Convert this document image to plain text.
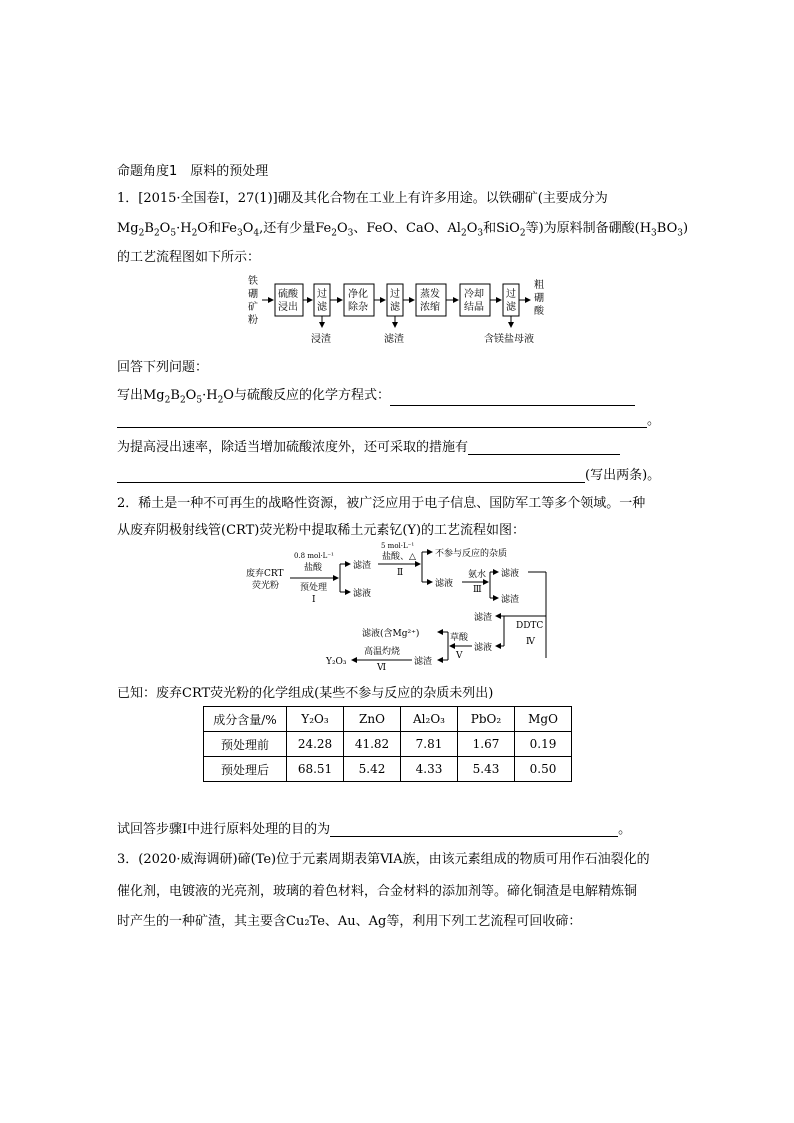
命题角度1　原料的预处理
1．[2015·全国卷Ⅰ，27(1)]硼及其化合物在工业上有许多用途。以铁硼矿(主要成分为
$Mg_2B_2O_5\cdot H_2O$和$Fe_3O_4$,还有少量$Fe_2O_3$、FeO、CaO、$Al_2O_3$和SiO$_2$等)为原料制备硼酸$(H_3BO_3)$
的工艺流程图如下所示：
铁
硼
矿
粉
硫酸
浸出
过
滤
浸渣
净化
除杂
过
滤
滤渣
蒸发
浓缩
冷却
结晶
过
滤
含镁盐母液
粗
硼
酸
回答下列问题：
写出$Mg_2B_2O_5\cdot H_2O$与硫酸反应的化学方程式：
。
为提高浸出速率，除适当增加硫酸浓度外，还可采取的措施有
(写出两条)。
2．稀土是一种不可再生的战略性资源，被广泛应用于电子信息、国防军工等多个领域。一种
从废弃阴极射线管(CRT)荧光粉中提取稀土元素钇(Y)的工艺流程如图：
废弃CRT
荧光粉
0.8 mol·L⁻¹
盐酸
预处理
Ⅰ
滤渣
滤液
5 mol·L⁻¹
盐酸、△
Ⅱ
不参与反应的杂质
滤液
氨水
Ⅲ
滤液
滤渣
DDTC
Ⅳ
滤渣
滤液
草酸
Ⅴ
滤液(含Mg²⁺)
滤渣
高温灼烧
Ⅵ
Y₂O₃
已知：废弃CRT荧光粉的化学组成(某些不参与反应的杂质未列出)
成分含量/%	Y₂O₃	ZnO	Al₂O₃	PbO₂	MgO
预处理前	24.28	41.82	7.81	1.67	0.19
预处理后	68.51	5.42	4.33	5.43	0.50
试回答步骤Ⅰ中进行原料处理的目的为	。
3．(2020·威海调研)碲(Te)位于元素周期表第ⅥA族，由该元素组成的物质可用作石油裂化的
催化剂，电镀液的光亮剂，玻璃的着色材料，合金材料的添加剂等。碲化铜渣是电解精炼铜
时产生的一种矿渣，其主要含Cu₂Te、Au、Ag等，利用下列工艺流程可回收碲：
